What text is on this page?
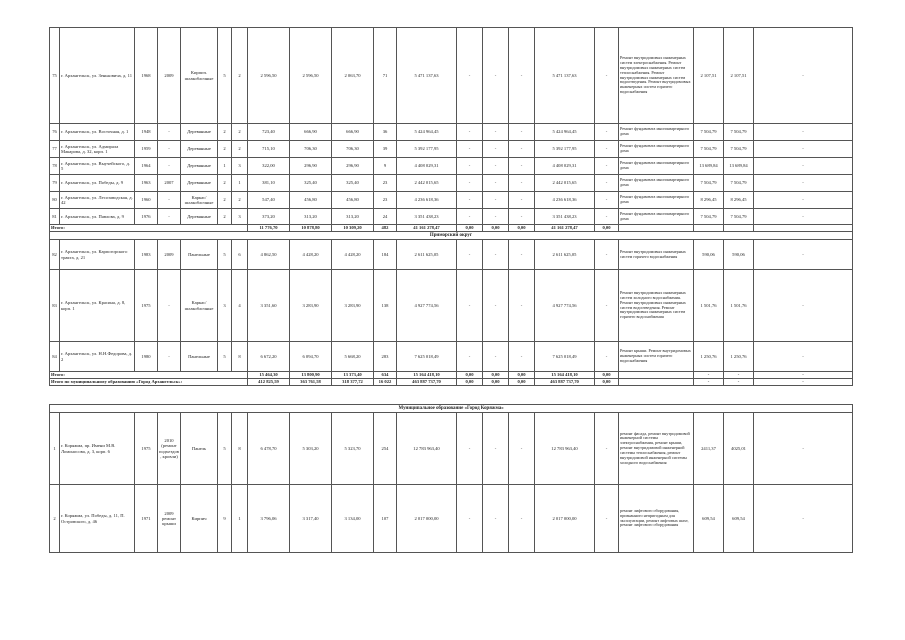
75	г. Архангельск, ул. Зеньковича, д. 11	1968	2009	Кирпич. шлакоблочные	5	2	2 596,50	2 596,50	2 063,70	71	5 471 137,63	-	-	-	5 471 137,63	-	Ремонт внутридомовых инженерных систем электроснабжения. Ремонт внутридомовых инженерных систем теплоснабжения. Ремонт внутридомовых инженерных систем водоотведения. Ремонт внутридомовых инженерных систем горячего водоснабжения	2 107,51	2 107,51	-	
76	г. Архангельск, ул. Восточная, д. 1	1948	-	Деревянные	2	2	723,40	666,90	666,90	36	5 424 964,45	-	-	-	5 424 964,45	-	Ремонт фундамента многоквартирного дома	7 504,79	7 504,79	-	
77	г. Архангельск, ул. Адмирала Макарова, д. 32, корп. 1	1959	-	Деревянные	2	2	715,10	706,30	706,30	39	5 392 177,95	-	-	-	5 392 177,95	-	Ремонт фундамента многоквартирного дома	7 504,79	7 504,79	-	
78	г. Архангельск, ул. Выучейского, д. 5	1964	-	Деревянные	1	3	322,00	296,90	296,90	9	4 408 029,31	-	-	-	4 408 029,31	-	Ремонт фундамента многоквартирного дома	13 689,84	13 689,84	-	
79	г. Архангельск, ул. Победы, д. 9	1963	2007	Деревянные	2	1	381,10	325,40	325,40	23	2 442 015,65	-	-	-	2 442 015,65	-	Ремонт фундамента многоквартирного дома	7 504,79	7 504,79	-	
80	г. Архангельск, ул. Лесозаводская, д. 42	1960	-	Каркас/ шлакоблочные	2	2	547,40	456,80	456,80	23	4 236 618,36	-	-	-	4 236 618,36	-	Ремонт фундамента многоквартирного дома	8 296,45	8 296,45	-	
81	г. Архангельск, ул. Павлова, д. 9	1976	-	Деревянные	2	3	373,20	313,20	313,20	24	3 351 438,23	-	-	-	3 351 438,23	-	Ремонт фундамента многоквартирного дома	7 504,79	7 504,79	-	
Итого:							11 776,70	10 878,80	10 309,20	482	41 161 278,47	0,00	0,00	0,00	41 161 278,47	0,00					
Приморский округ																					
82	г. Архангельск, ул. Карпогорского тракта, д. 21	1983	2009	Панельные	5	6	4 862,50	4 428,20	4 428,20	184	2 611 625,05	-	-	-	2 611 625,05	-	Ремонт внутридомовых инженерных систем горячего водоснабжения	590,06	590,06	-	
83	г. Архангельск, ул. Красина, д. 8, корп. 1	1975	-	Каркас/ шлакоблочные	3	4	3 351,60	3 283,90	3 283,90	138	4 927 774,56	-	-	-	4 927 774,56	-	Ремонт внутридомовых инженерных систем холодного водоснабжения. Ремонт внутридомовых инженерных систем водоотведения. Ремонт внутридомовых инженерных систем горячего водоснабжения	1 501,76	1 501,76	-	
84	г. Архангельск, ул. Н.Н.Федорова, д. 2	1980	-	Панельные	5	8	6 672,20	6 094,70	5 668,20	283	7 625 018,49	-	-	-	7 625 018,49	-	Ремонт крыши. Ремонт внутридомовых инженерных систем горячего водоснабжения	1 250,76	1 250,76	-	
Итого:							15 464,30	13 800,90	13 373,40	634	15 164 418,10	0,00	0,00	0,00	15 164 418,10	0,00		-	-	-	
Итого по муниципальному образованию «Город Архангельск»:							412 825,59	363 761,58	318 377,72	16 022	463 887 737,70	0,00	0,00	0,00	463 887 737,70	0,00		-	-	-	
Муниципальное образование «Город Коряжма»																					
1	г. Коряжма, пр. Имени М.В. Ломоносова, д. 3, корп. 6	1975	2010 (ремонт подъездов, кровли)	Панель	5	8	6 478,70	5 303,20	5 323,70	254	12 783 963,40	-	-	-	12 783 963,40	-	ремонт фасада, ремонт внутридомовой инженерной системы электроснабжения, ремонт крыши, ремонт внутридомовой инженерной системы теплоснабжения, ремонт внутридомовой инженерной системы холодного водоснабжения	2411,37	4025,01	-	
2	г. Коряжма, ул. Победы, д. 11, П. Островского, д. 46	1971	2009 ремонт крыши	Кирпич	9	1	3 796,06	3 317,40	3 134,00	107	2 017 000,00	-	-	-	2 017 000,00	-	ремонт лифтового оборудования, признанного непригодным для эксплуатации, ремонт лифтовых шахт, ремонт лифтового оборудования	609,54	609,54	-	
